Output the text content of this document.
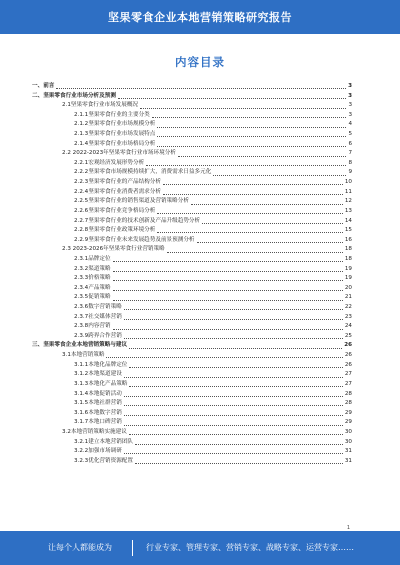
坚果零食企业本地营销策略研究报告
内容目录
一、前言	3
二、坚果零食行业市场分析及预测	3
2.1坚果零食行业市场发展概况	3
2.1.1坚果零食行业的主要分类	3
2.1.2坚果零食行业市场规模分析	4
2.1.3坚果零食行业市场发展特点	5
2.1.4坚果零食行业市场格局分析	6
2.2 2022-2023年坚果零食行业市场环境分析	7
2.2.1宏观经济发展形势分析	8
2.2.2坚果零食市场规模持续扩大，消费需求日益多元化	9
2.2.3坚果零食行业的产品结构分析	10
2.2.4坚果零食行业消费者需求分析	11
2.2.5坚果零食行业的销售渠道及营销策略分析	12
2.2.6坚果零食行业竞争格局分析	13
2.2.7坚果零食行业的技术创新及产品升级趋势分析	14
2.2.8坚果零食行业政策环境分析	15
2.2.9坚果零食行业未来发展趋势及前景预测分析	16
2.3 2023-2026年坚果零食行业营销策略	18
2.3.1品牌定位	18
2.3.2渠道策略	19
2.3.3价格策略	19
2.3.4产品策略	20
2.3.5促销策略	21
2.3.6数字营销策略	22
2.3.7社交媒体营销	23
2.3.8内容营销	24
2.3.9跨界合作营销	25
三、坚果零食企业本地营销策略与建议	26
3.1本地营销策略	26
3.1.1本地化品牌定位	26
3.1.2本地渠道建设	27
3.1.3本地化产品策略	27
3.1.4本地促销活动	28
3.1.5本地社群营销	28
3.1.6本地数字营销	29
3.1.7本地口碑营销	29
3.2本地营销策略实施建议	30
3.2.1建立本地营销团队	30
3.2.2加强市场调研	31
3.2.3优化营销资源配置	31
1
让每个人都能成为	行业专家、管理专家、营销专家、战略专家、运营专家……
